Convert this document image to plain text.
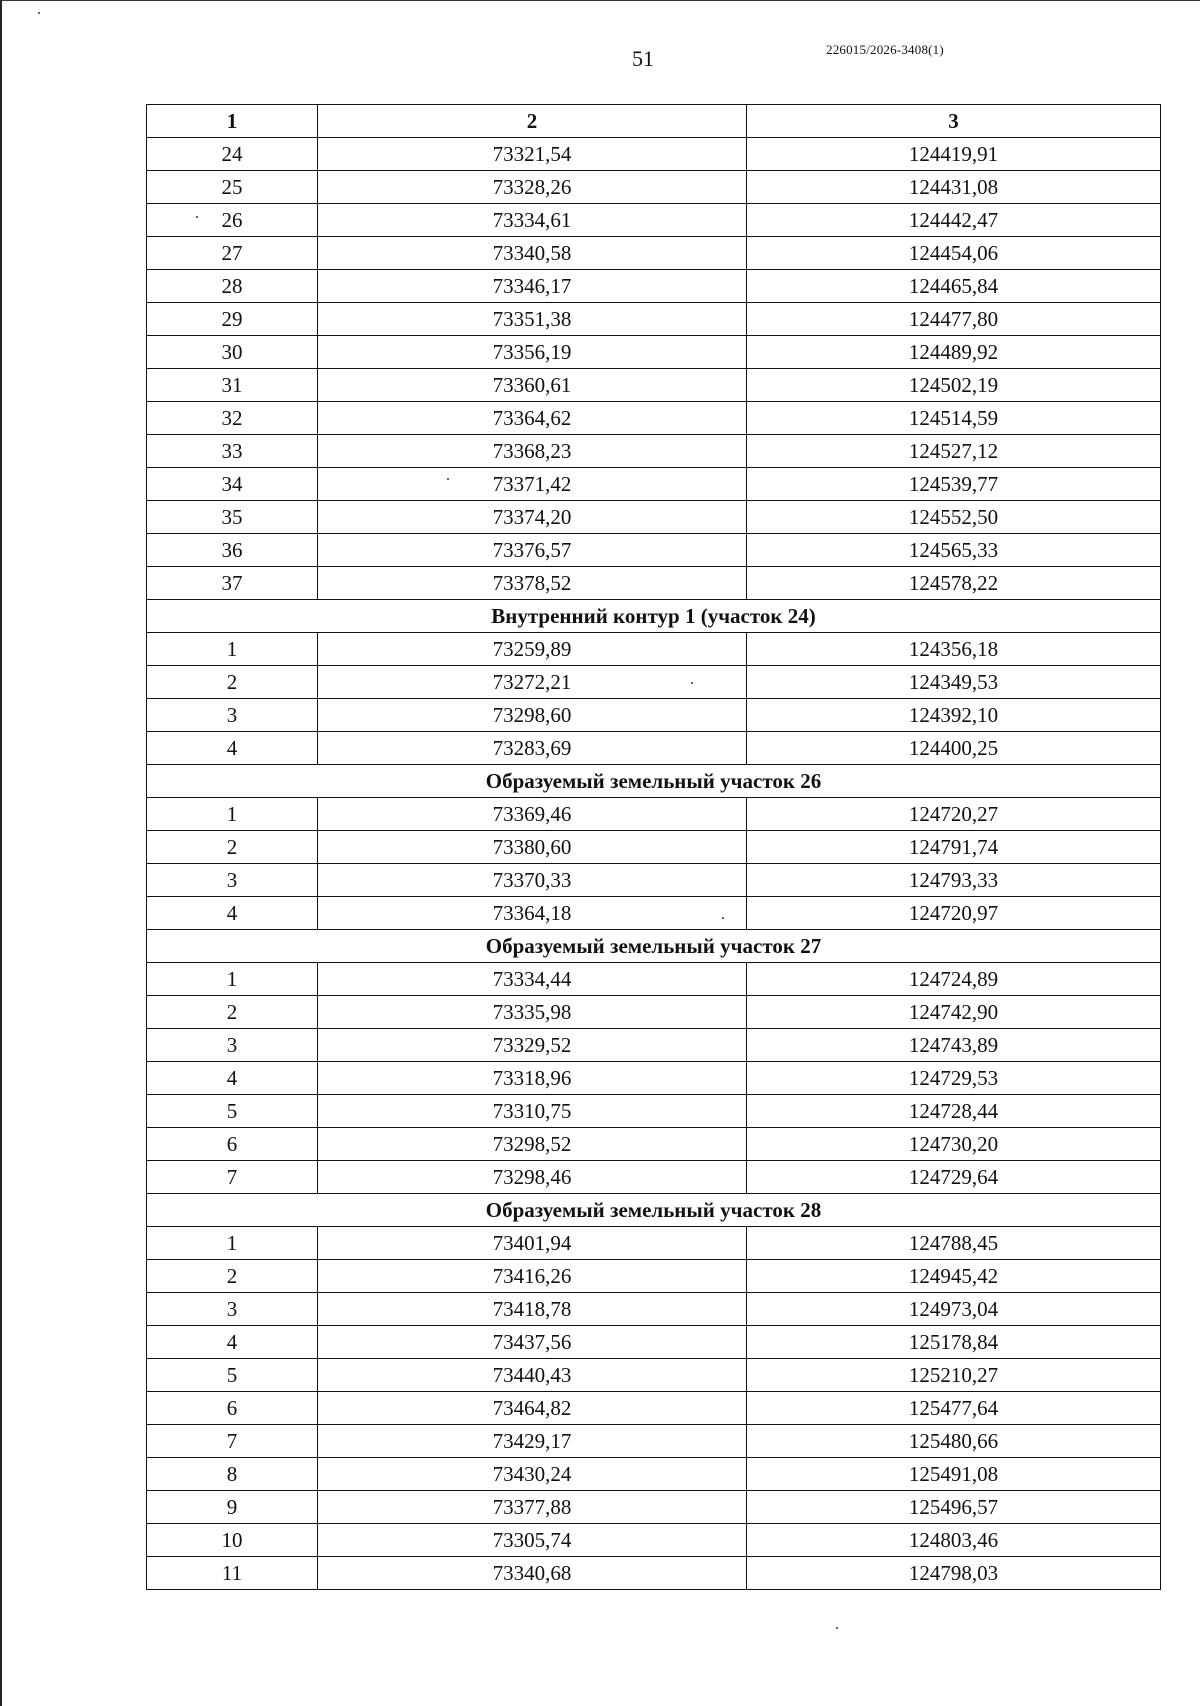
51	226015/2026-3408(1)
1	2	3
24	73321,54	124419,91
25	73328,26	124431,08
26	73334,61	124442,47
27	73340,58	124454,06
28	73346,17	124465,84
29	73351,38	124477,80
30	73356,19	124489,92
31	73360,61	124502,19
32	73364,62	124514,59
33	73368,23	124527,12
34	73371,42	124539,77
35	73374,20	124552,50
36	73376,57	124565,33
37	73378,52	124578,22
Внутренний контур 1 (участок 24)		
1	73259,89	124356,18
2	73272,21	124349,53
3	73298,60	124392,10
4	73283,69	124400,25
Образуемый земельный участок 26		
1	73369,46	124720,27
2	73380,60	124791,74
3	73370,33	124793,33
4	73364,18	124720,97
Образуемый земельный участок 27		
1	73334,44	124724,89
2	73335,98	124742,90
3	73329,52	124743,89
4	73318,96	124729,53
5	73310,75	124728,44
6	73298,52	124730,20
7	73298,46	124729,64
Образуемый земельный участок 28		
1	73401,94	124788,45
2	73416,26	124945,42
3	73418,78	124973,04
4	73437,56	125178,84
5	73440,43	125210,27
6	73464,82	125477,64
7	73429,17	125480,66
8	73430,24	125491,08
9	73377,88	125496,57
10	73305,74	124803,46
11	73340,68	124798,03
